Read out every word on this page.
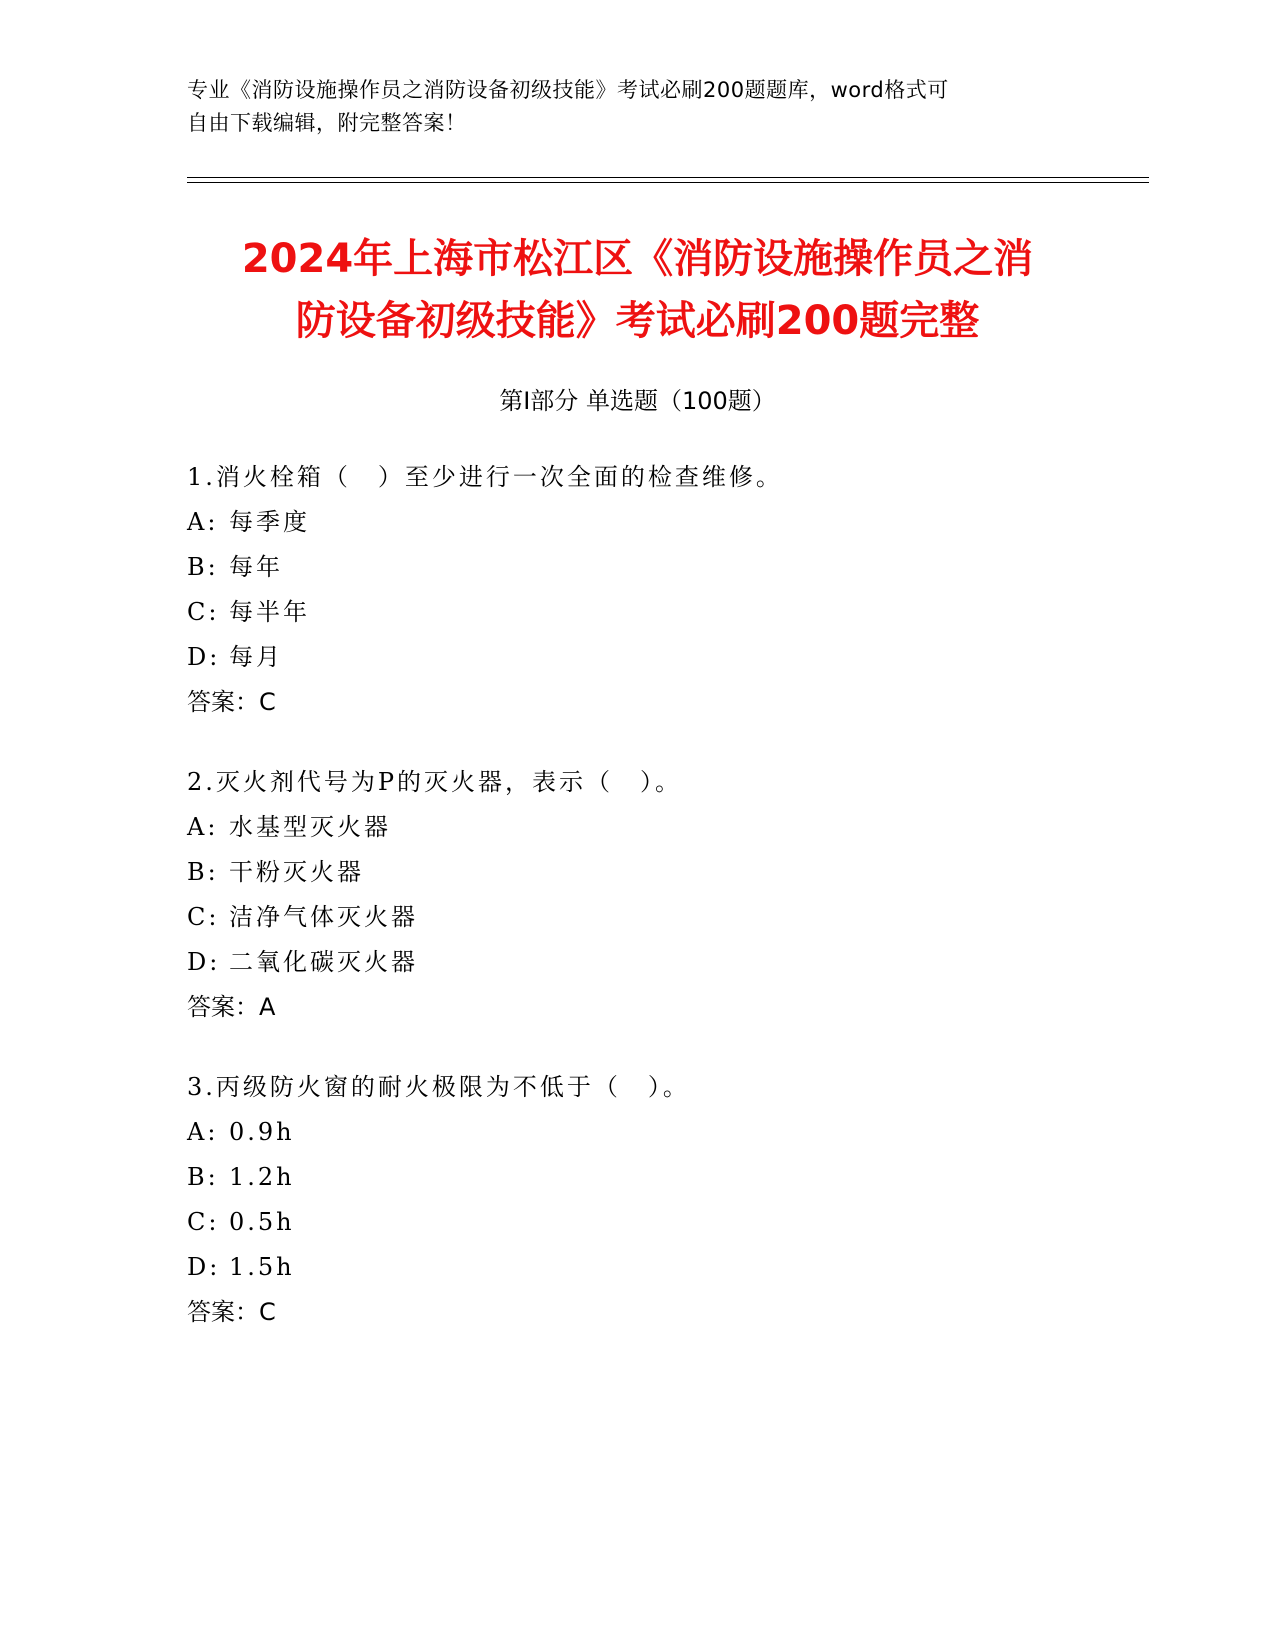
专业《消防设施操作员之消防设备初级技能》考试必刷200题题库，word格式可
自由下载编辑，附完整答案！
2024年上海市松江区《消防设施操作员之消
防设备初级技能》考试必刷200题完整
第Ⅰ部分 单选题（100题）
1.消火栓箱（　）至少进行一次全面的检查维修。
A: 每季度
B: 每年
C: 每半年
D: 每月
答案：C
2.灭火剂代号为P的灭火器，表示（　）。
A: 水基型灭火器
B: 干粉灭火器
C: 洁净气体灭火器
D: 二氧化碳灭火器
答案：A
3.丙级防火窗的耐火极限为不低于（　）。
A: 0.9h
B: 1.2h
C: 0.5h
D: 1.5h
答案：C
